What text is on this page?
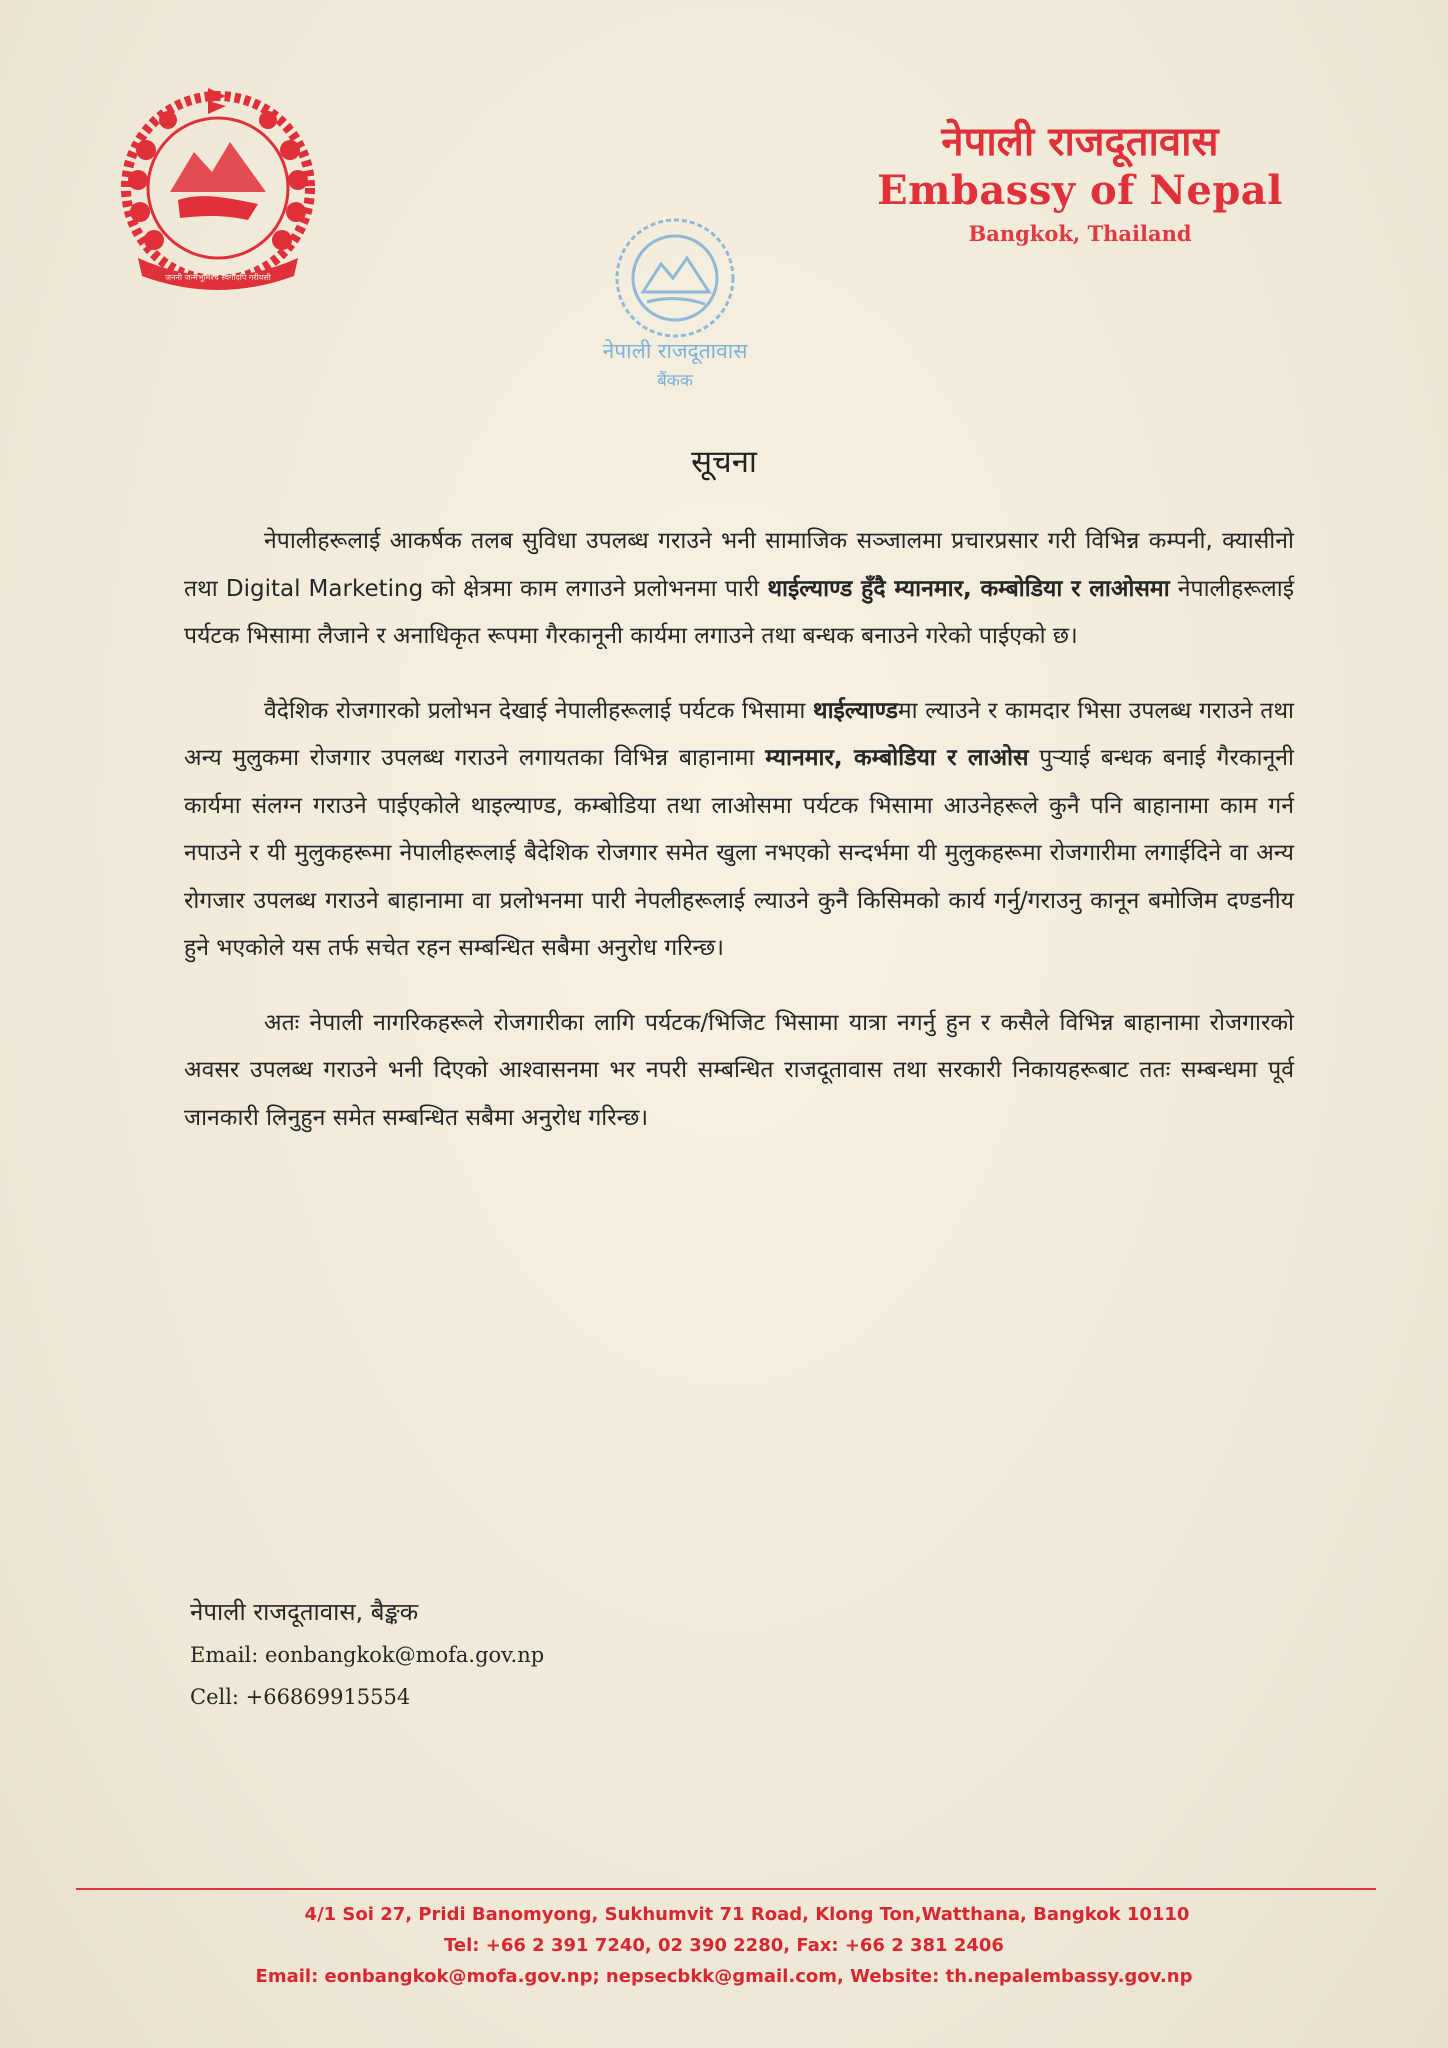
जननी जन्मभूमिश्च स्वर्गादपि गरीयसी
नेपाली राजदूतावास
Embassy of Nepal
Bangkok, Thailand
नेपाली राजदूतावास
बैंकक
सूचना

नेपालीहरूलाई आकर्षक तलब सुविधा उपलब्ध गराउने भनी सामाजिक सञ्जालमा प्रचारप्रसार गरी विभिन्न कम्पनी, क्यासीनो तथा Digital Marketing को क्षेत्रमा काम लगाउने प्रलोभनमा पारी थाईल्याण्ड हुँदै म्यानमार, कम्बोडिया र लाओसमा नेपालीहरूलाई पर्यटक भिसामा लैजाने र अनाधिकृत रूपमा गैरकानूनी कार्यमा लगाउने तथा बन्धक बनाउने गरेको पाईएको छ।

वैदेशिक रोजगारको प्रलोभन देखाई नेपालीहरूलाई पर्यटक भिसामा थाईल्याण्डमा ल्याउने र कामदार भिसा उपलब्ध गराउने तथा अन्य मुलुकमा रोजगार उपलब्ध गराउने लगायतका विभिन्न बाहानामा म्यानमार, कम्बोडिया र लाओस पुऱ्याई बन्धक बनाई गैरकानूनी कार्यमा संलग्न गराउने पाईएकोले थाइल्याण्ड, कम्बोडिया तथा लाओसमा पर्यटक भिसामा आउनेहरूले कुनै पनि बाहानामा काम गर्न नपाउने र यी मुलुकहरूमा नेपालीहरूलाई बैदेशिक रोजगार समेत खुला नभएको सन्दर्भमा यी मुलुकहरूमा रोजगारीमा लगाईदिने वा अन्य रोगजार उपलब्ध गराउने बाहानामा वा प्रलोभनमा पारी नेपलीहरूलाई ल्याउने कुनै किसिमको कार्य गर्नु/गराउनु कानून बमोजिम दण्डनीय हुने भएकोले यस तर्फ सचेत रहन सम्बन्धित सबैमा अनुरोध गरिन्छ।

अतः नेपाली नागरिकहरूले रोजगारीका लागि पर्यटक/भिजिट भिसामा यात्रा नगर्नु हुन र कसैले विभिन्न बाहानामा रोजगारको अवसर उपलब्ध गराउने भनी दिएको आश्वासनमा भर नपरी सम्बन्धित राजदूतावास तथा सरकारी निकायहरूबाट ततः सम्बन्धमा पूर्व जानकारी लिनुहुन समेत सम्बन्धित सबैमा अनुरोध गरिन्छ।

नेपाली राजदूतावास, बैङ्कक
Email: eonbangkok@mofa.gov.np
Cell: +66869915554
4/1 Soi 27, Pridi Banomyong, Sukhumvit 71 Road, Klong Ton,Watthana, Bangkok 10110
Tel: +66 2 391 7240, 02 390 2280, Fax: +66 2 381 2406
Email: eonbangkok@mofa.gov.np; nepsecbkk@gmail.com, Website: th.nepalembassy.gov.np
